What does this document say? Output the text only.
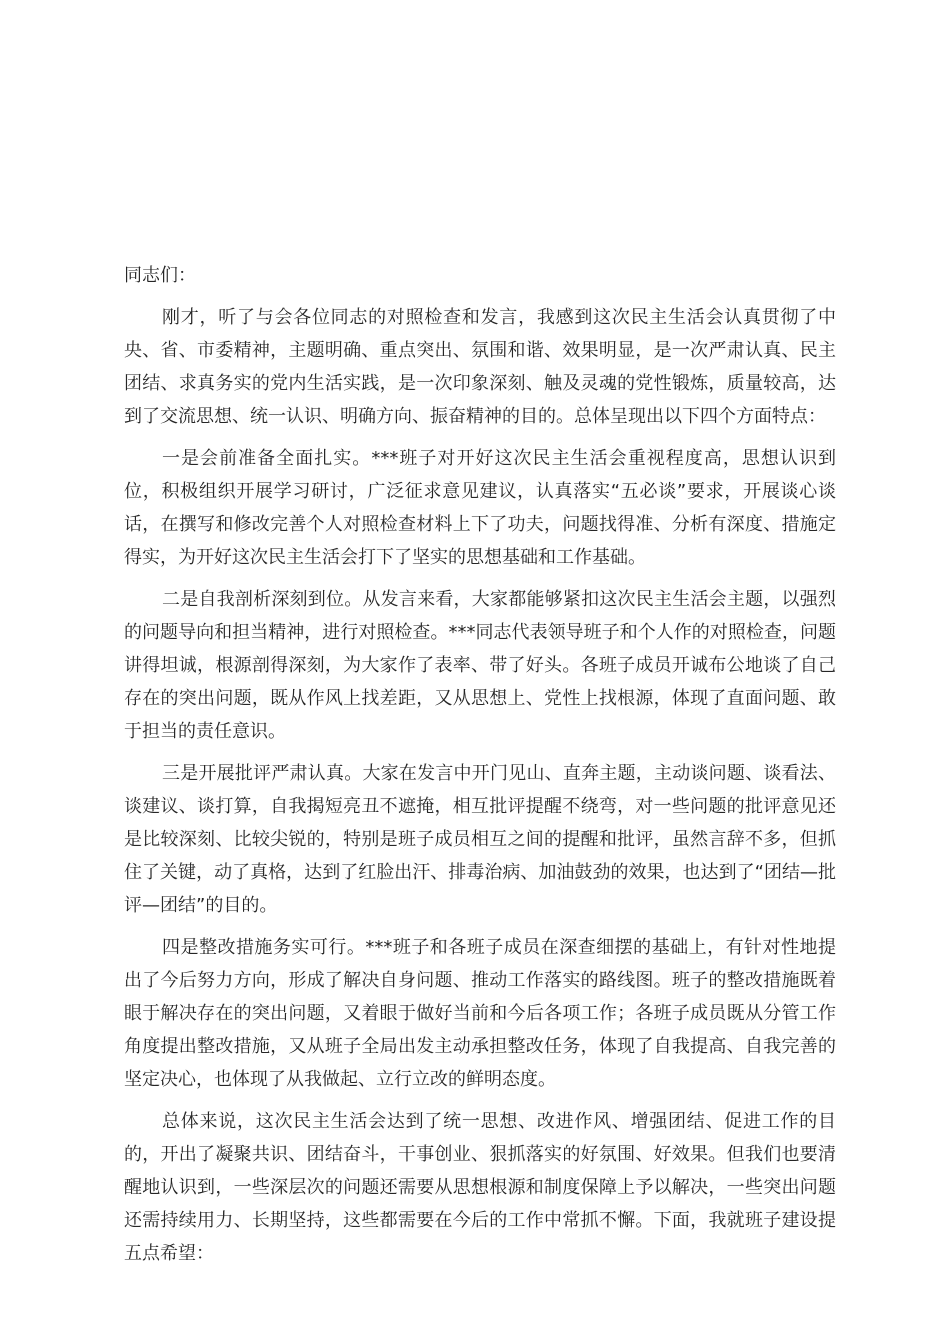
同志们：

刚才，听了与会各位同志的对照检查和发言，我感到这次民主生活会认真贯彻了中央、省、市委精神，主题明确、重点突出、氛围和谐、效果明显，是一次严肃认真、民主团结、求真务实的党内生活实践，是一次印象深刻、触及灵魂的党性锻炼，质量较高，达到了交流思想、统一认识、明确方向、振奋精神的目的。总体呈现出以下四个方面特点：

一是会前准备全面扎实。***班子对开好这次民主生活会重视程度高，思想认识到位，积极组织开展学习研讨，广泛征求意见建议，认真落实“五必谈”要求，开展谈心谈话，在撰写和修改完善个人对照检查材料上下了功夫，问题找得准、分析有深度、措施定得实，为开好这次民主生活会打下了坚实的思想基础和工作基础。

二是自我剖析深刻到位。从发言来看，大家都能够紧扣这次民主生活会主题，以强烈的问题导向和担当精神，进行对照检查。***同志代表领导班子和个人作的对照检查，问题讲得坦诚，根源剖得深刻，为大家作了表率、带了好头。各班子成员开诚布公地谈了自己存在的突出问题，既从作风上找差距，又从思想上、党性上找根源，体现了直面问题、敢于担当的责任意识。

三是开展批评严肃认真。大家在发言中开门见山、直奔主题，主动谈问题、谈看法、谈建议、谈打算，自我揭短亮丑不遮掩，相互批评提醒不绕弯，对一些问题的批评意见还是比较深刻、比较尖锐的，特别是班子成员相互之间的提醒和批评，虽然言辞不多，但抓住了关键，动了真格，达到了红脸出汗、排毒治病、加油鼓劲的效果，也达到了“团结—批评—团结”的目的。

四是整改措施务实可行。***班子和各班子成员在深查细摆的基础上，有针对性地提出了今后努力方向，形成了解决自身问题、推动工作落实的路线图。班子的整改措施既着眼于解决存在的突出问题，又着眼于做好当前和今后各项工作；各班子成员既从分管工作角度提出整改措施，又从班子全局出发主动承担整改任务，体现了自我提高、自我完善的坚定决心，也体现了从我做起、立行立改的鲜明态度。

总体来说，这次民主生活会达到了统一思想、改进作风、增强团结、促进工作的目的，开出了凝聚共识、团结奋斗，干事创业、狠抓落实的好氛围、好效果。但我们也要清醒地认识到，一些深层次的问题还需要从思想根源和制度保障上予以解决，一些突出问题还需持续用力、长期坚持，这些都需要在今后的工作中常抓不懈。下面，我就班子建设提五点希望：
